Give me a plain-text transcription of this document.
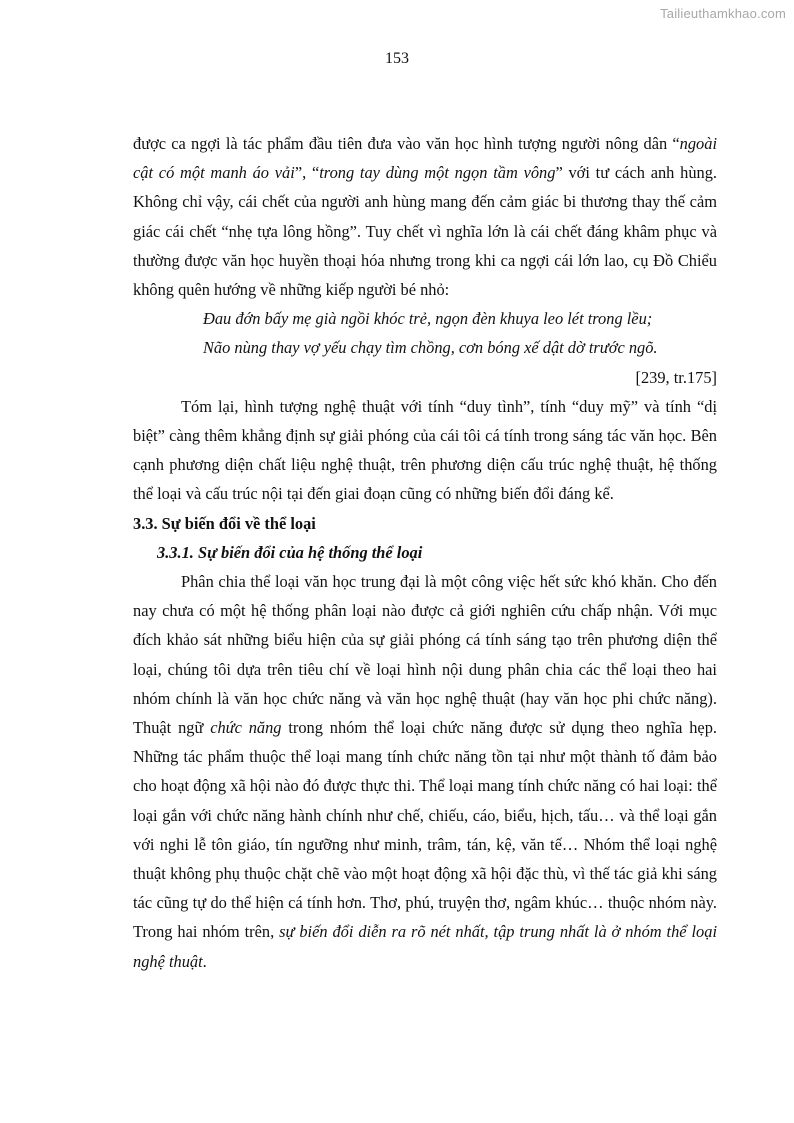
Tailieuthamkhao.com
153

được ca ngợi là tác phẩm đầu tiên đưa vào văn học hình tượng người nông dân “ngoài cật có một manh áo vải”, “trong tay dùng một ngọn tầm vông” với tư cách anh hùng. Không chỉ vậy, cái chết của người anh hùng mang đến cảm giác bi thương thay thế cảm giác cái chết “nhẹ tựa lông hồng”. Tuy chết vì nghĩa lớn là cái chết đáng khâm phục và thường được văn học huyền thoại hóa nhưng trong khi ca ngợi cái lớn lao, cụ Đồ Chiểu không quên hướng về những kiếp người bé nhỏ:

Đau đớn bấy mẹ già ngồi khóc trẻ, ngọn đèn khuya leo lét trong lều;

Não nùng thay vợ yếu chạy tìm chồng, cơn bóng xế dật dờ trước ngõ.

[239, tr.175]

Tóm lại, hình tượng nghệ thuật với tính “duy tình”, tính “duy mỹ” và tính “dị biệt” càng thêm khẳng định sự giải phóng của cái tôi cá tính trong sáng tác văn học. Bên cạnh phương diện chất liệu nghệ thuật, trên phương diện cấu trúc nghệ thuật, hệ thống thể loại và cấu trúc nội tại đến giai đoạn cũng có những biến đổi đáng kể.

3.3. Sự biến đổi về thể loại

3.3.1. Sự biến đổi của hệ thống thể loại

Phân chia thể loại văn học trung đại là một công việc hết sức khó khăn. Cho đến nay chưa có một hệ thống phân loại nào được cả giới nghiên cứu chấp nhận. Với mục đích khảo sát những biểu hiện của sự giải phóng cá tính sáng tạo trên phương diện thể loại, chúng tôi dựa trên tiêu chí về loại hình nội dung phân chia các thể loại theo hai nhóm chính là văn học chức năng và văn học nghệ thuật (hay văn học phi chức năng). Thuật ngữ chức năng trong nhóm thể loại chức năng được sử dụng theo nghĩa hẹp. Những tác phẩm thuộc thể loại mang tính chức năng tồn tại như một thành tố đảm bảo cho hoạt động xã hội nào đó được thực thi. Thể loại mang tính chức năng có hai loại: thể loại gắn với chức năng hành chính như chế, chiếu, cáo, biểu, hịch, tấu… và thể loại gắn với nghi lễ tôn giáo, tín ngưỡng như minh, trâm, tán, kệ, văn tế… Nhóm thể loại nghệ thuật không phụ thuộc chặt chẽ vào một hoạt động xã hội đặc thù, vì thế tác giả khi sáng tác cũng tự do thể hiện cá tính hơn. Thơ, phú, truyện thơ, ngâm khúc… thuộc nhóm này. Trong hai nhóm trên, sự biến đổi diễn ra rõ nét nhất, tập trung nhất là ở nhóm thể loại nghệ thuật.
